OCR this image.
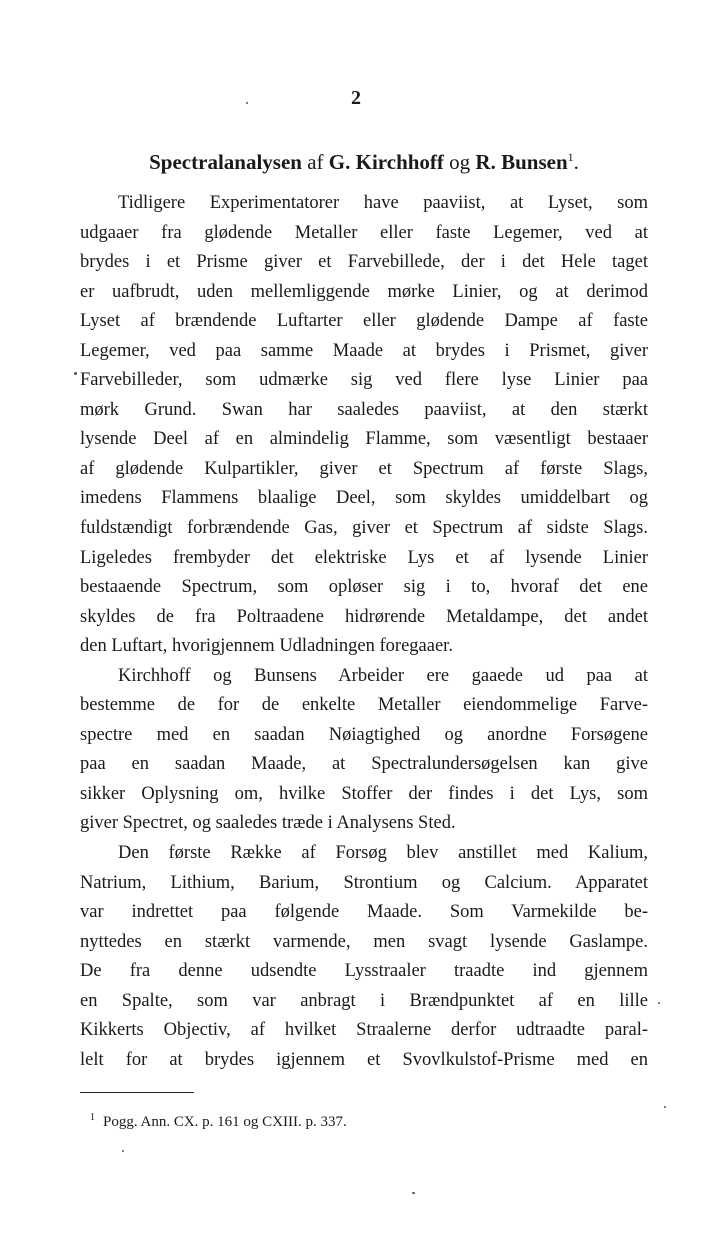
2
Spectralanalysen af G. Kirchhoff og R. Bunsen$^1$.
Tidligere Experimentatorer have paaviist, at Lyset, som
udgaaer fra glødende Metaller eller faste Legemer, ved at
brydes i et Prisme giver et Farvebillede, der i det Hele taget
er uafbrudt, uden mellemliggende mørke Linier, og at derimod
Lyset af brændende Luftarter eller glødende Dampe af faste
Legemer, ved paa samme Maade at brydes i Prismet, giver
Farvebilleder, som udmærke sig ved flere lyse Linier paa
mørk Grund. Swan har saaledes paaviist, at den stærkt
lysende Deel af en almindelig Flamme, som væsentligt bestaaer
af glødende Kulpartikler, giver et Spectrum af første Slags,
imedens Flammens blaalige Deel, som skyldes umiddelbart og
fuldstændigt forbrændende Gas, giver et Spectrum af sidste Slags.
Ligeledes frembyder det elektriske Lys et af lysende Linier
bestaaende Spectrum, som opløser sig i to, hvoraf det ene
skyldes de fra Poltraadene hidrørende Metaldampe, det andet
den Luftart, hvorigjennem Udladningen foregaaer.
Kirchhoff og Bunsens Arbeider ere gaaede ud paa at
bestemme de for de enkelte Metaller eiendommelige Farve-
spectre med en saadan Nøiagtighed og anordne Forsøgene
paa en saadan Maade, at Spectralundersøgelsen kan give
sikker Oplysning om, hvilke Stoffer der findes i det Lys, som
giver Spectret, og saaledes træde i Analysens Sted.
Den første Række af Forsøg blev anstillet med Kalium,
Natrium, Lithium, Barium, Strontium og Calcium. Apparatet
var indrettet paa følgende Maade. Som Varmekilde be-
nyttedes en stærkt varmende, men svagt lysende Gaslampe.
De fra denne udsendte Lysstraaler traadte ind gjennem
en Spalte, som var anbragt i Brændpunktet af en lille
Kikkerts Objectiv, af hvilket Straalerne derfor udtraadte paral-
lelt for at brydes igjennem et Svovlkulstof-Prisme med en
$^1$ Pogg. Ann. CX. p. 161 og CXIII. p. 337.
